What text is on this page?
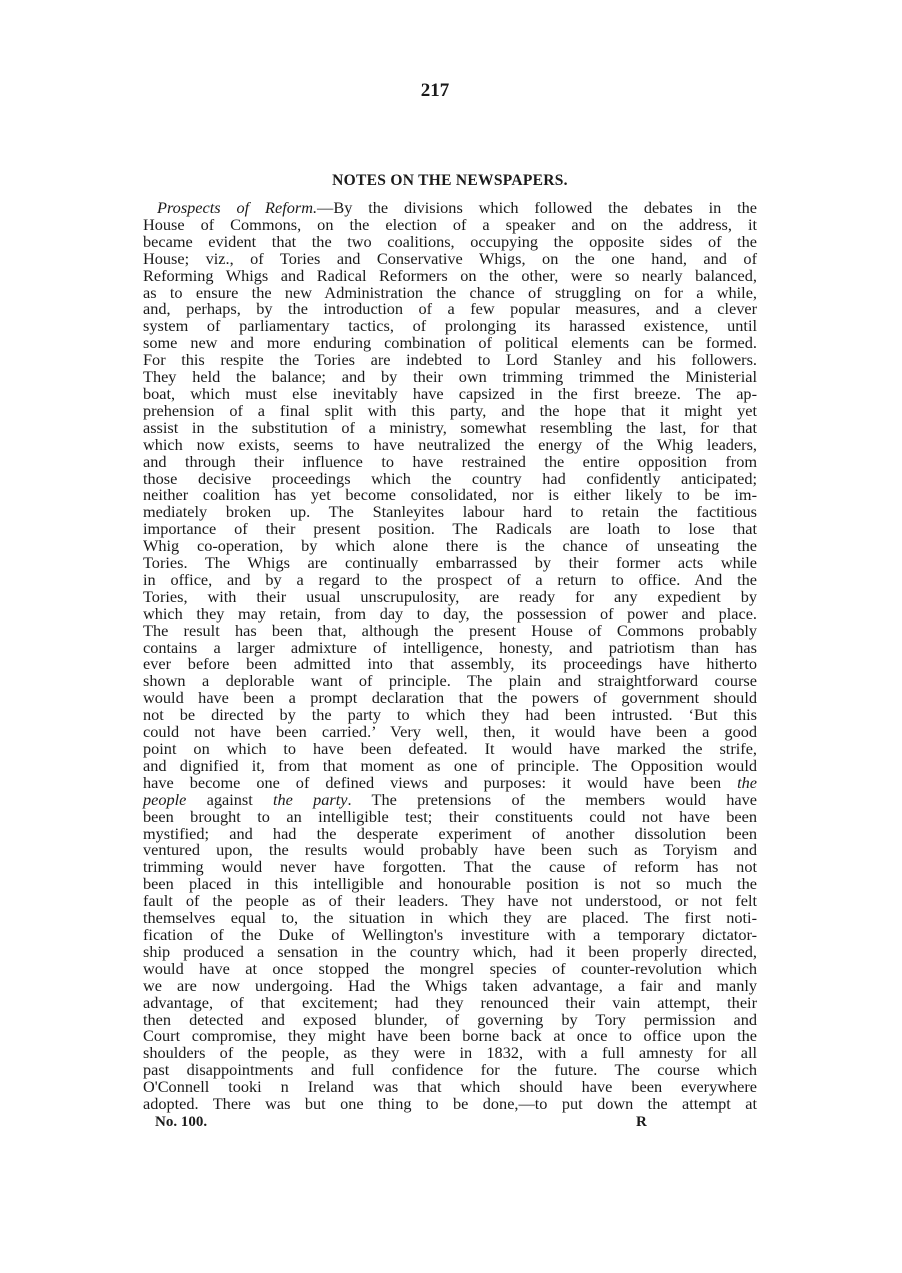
217
NOTES ON THE NEWSPAPERS.
Prospects of Reform.—By the divisions which followed the debates in the
House of Commons, on the election of a speaker and on the address, it
became evident that the two coalitions, occupying the opposite sides of the
House; viz., of Tories and Conservative Whigs, on the one hand, and of
Reforming Whigs and Radical Reformers on the other, were so nearly balanced,
as to ensure the new Administration the chance of struggling on for a while,
and, perhaps, by the introduction of a few popular measures, and a clever
system of parliamentary tactics, of prolonging its harassed existence, until
some new and more enduring combination of political elements can be formed.
For this respite the Tories are indebted to Lord Stanley and his followers.
They held the balance; and by their own trimming trimmed the Ministerial
boat, which must else inevitably have capsized in the first breeze. The ap-
prehension of a final split with this party, and the hope that it might yet
assist in the substitution of a ministry, somewhat resembling the last, for that
which now exists, seems to have neutralized the energy of the Whig leaders,
and through their influence to have restrained the entire opposition from
those decisive proceedings which the country had confidently anticipated;
neither coalition has yet become consolidated, nor is either likely to be im-
mediately broken up. The Stanleyites labour hard to retain the factitious
importance of their present position. The Radicals are loath to lose that
Whig co-operation, by which alone there is the chance of unseating the
Tories. The Whigs are continually embarrassed by their former acts while
in office, and by a regard to the prospect of a return to office. And the
Tories, with their usual unscrupulosity, are ready for any expedient by
which they may retain, from day to day, the possession of power and place.
The result has been that, although the present House of Commons probably
contains a larger admixture of intelligence, honesty, and patriotism than has
ever before been admitted into that assembly, its proceedings have hitherto
shown a deplorable want of principle. The plain and straightforward course
would have been a prompt declaration that the powers of government should
not be directed by the party to which they had been intrusted. ‘But this
could not have been carried.’ Very well, then, it would have been a good
point on which to have been defeated. It would have marked the strife,
and dignified it, from that moment as one of principle. The Opposition would
have become one of defined views and purposes: it would have been the
people against the party. The pretensions of the members would have
been brought to an intelligible test; their constituents could not have been
mystified; and had the desperate experiment of another dissolution been
ventured upon, the results would probably have been such as Toryism and
trimming would never have forgotten. That the cause of reform has not
been placed in this intelligible and honourable position is not so much the
fault of the people as of their leaders. They have not understood, or not felt
themselves equal to, the situation in which they are placed. The first noti-
fication of the Duke of Wellington's investiture with a temporary dictator-
ship produced a sensation in the country which, had it been properly directed,
would have at once stopped the mongrel species of counter-revolution which
we are now undergoing. Had the Whigs taken advantage, a fair and manly
advantage, of that excitement; had they renounced their vain attempt, their
then detected and exposed blunder, of governing by Tory permission and
Court compromise, they might have been borne back at once to office upon the
shoulders of the people, as they were in 1832, with a full amnesty for all
past disappointments and full confidence for the future. The course which
O'Connell tooki n Ireland was that which should have been everywhere
adopted. There was but one thing to be done,—to put down the attempt at
No. 100.	R
